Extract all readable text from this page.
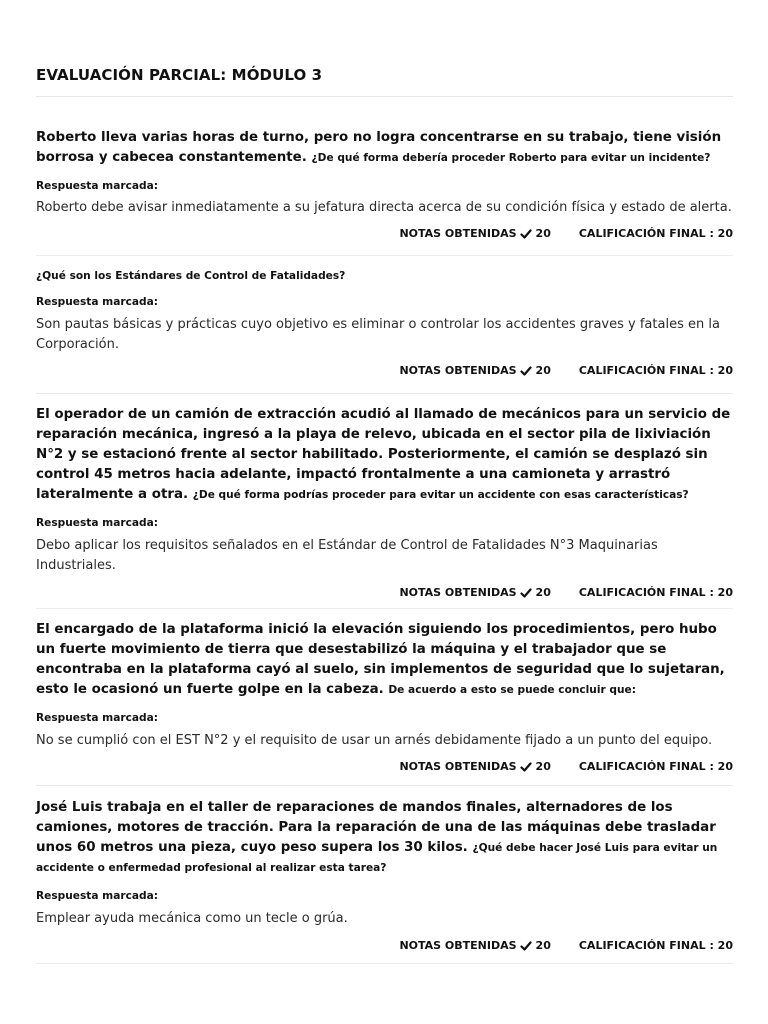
EVALUACIÓN PARCIAL: MÓDULO 3

Roberto lleva varias horas de turno, pero no logra concentrarse en su trabajo, tiene visión borrosa y cabecea constantemente. ¿De qué forma debería proceder Roberto para evitar un incidente?

Respuesta marcada:

Roberto debe avisar inmediatamente a su jefatura directa acerca de su condición física y estado de alerta.

NOTAS OBTENIDAS 20	CALIFICACIÓN FINAL : 20

¿Qué son los Estándares de Control de Fatalidades?

Respuesta marcada:

Son pautas básicas y prácticas cuyo objetivo es eliminar o controlar los accidentes graves y fatales en la Corporación.

NOTAS OBTENIDAS 20	CALIFICACIÓN FINAL : 20

El operador de un camión de extracción acudió al llamado de mecánicos para un servicio de reparación mecánica, ingresó a la playa de relevo, ubicada en el sector pila de lixiviación N°2 y se estacionó frente al sector habilitado. Posteriormente, el camión se desplazó sin control 45 metros hacia adelante, impactó frontalmente a una camioneta y arrastró lateralmente a otra. ¿De qué forma podrías proceder para evitar un accidente con esas características?

Respuesta marcada:

Debo aplicar los requisitos señalados en el Estándar de Control de Fatalidades N°3 Maquinarias Industriales.

NOTAS OBTENIDAS 20	CALIFICACIÓN FINAL : 20

El encargado de la plataforma inició la elevación siguiendo los procedimientos, pero hubo un fuerte movimiento de tierra que desestabilizó la máquina y el trabajador que se encontraba en la plataforma cayó al suelo, sin implementos de seguridad que lo sujetaran, esto le ocasionó un fuerte golpe en la cabeza. De acuerdo a esto se puede concluir que:

Respuesta marcada:

No se cumplió con el EST N°2 y el requisito de usar un arnés debidamente fijado a un punto del equipo.

NOTAS OBTENIDAS 20	CALIFICACIÓN FINAL : 20

José Luis trabaja en el taller de reparaciones de mandos finales, alternadores de los camiones, motores de tracción. Para la reparación de una de las máquinas debe trasladar unos 60 metros una pieza, cuyo peso supera los 30 kilos. ¿Qué debe hacer José Luis para evitar un accidente o enfermedad profesional al realizar esta tarea?

Respuesta marcada:

Emplear ayuda mecánica como un tecle o grúa.

NOTAS OBTENIDAS 20	CALIFICACIÓN FINAL : 20
